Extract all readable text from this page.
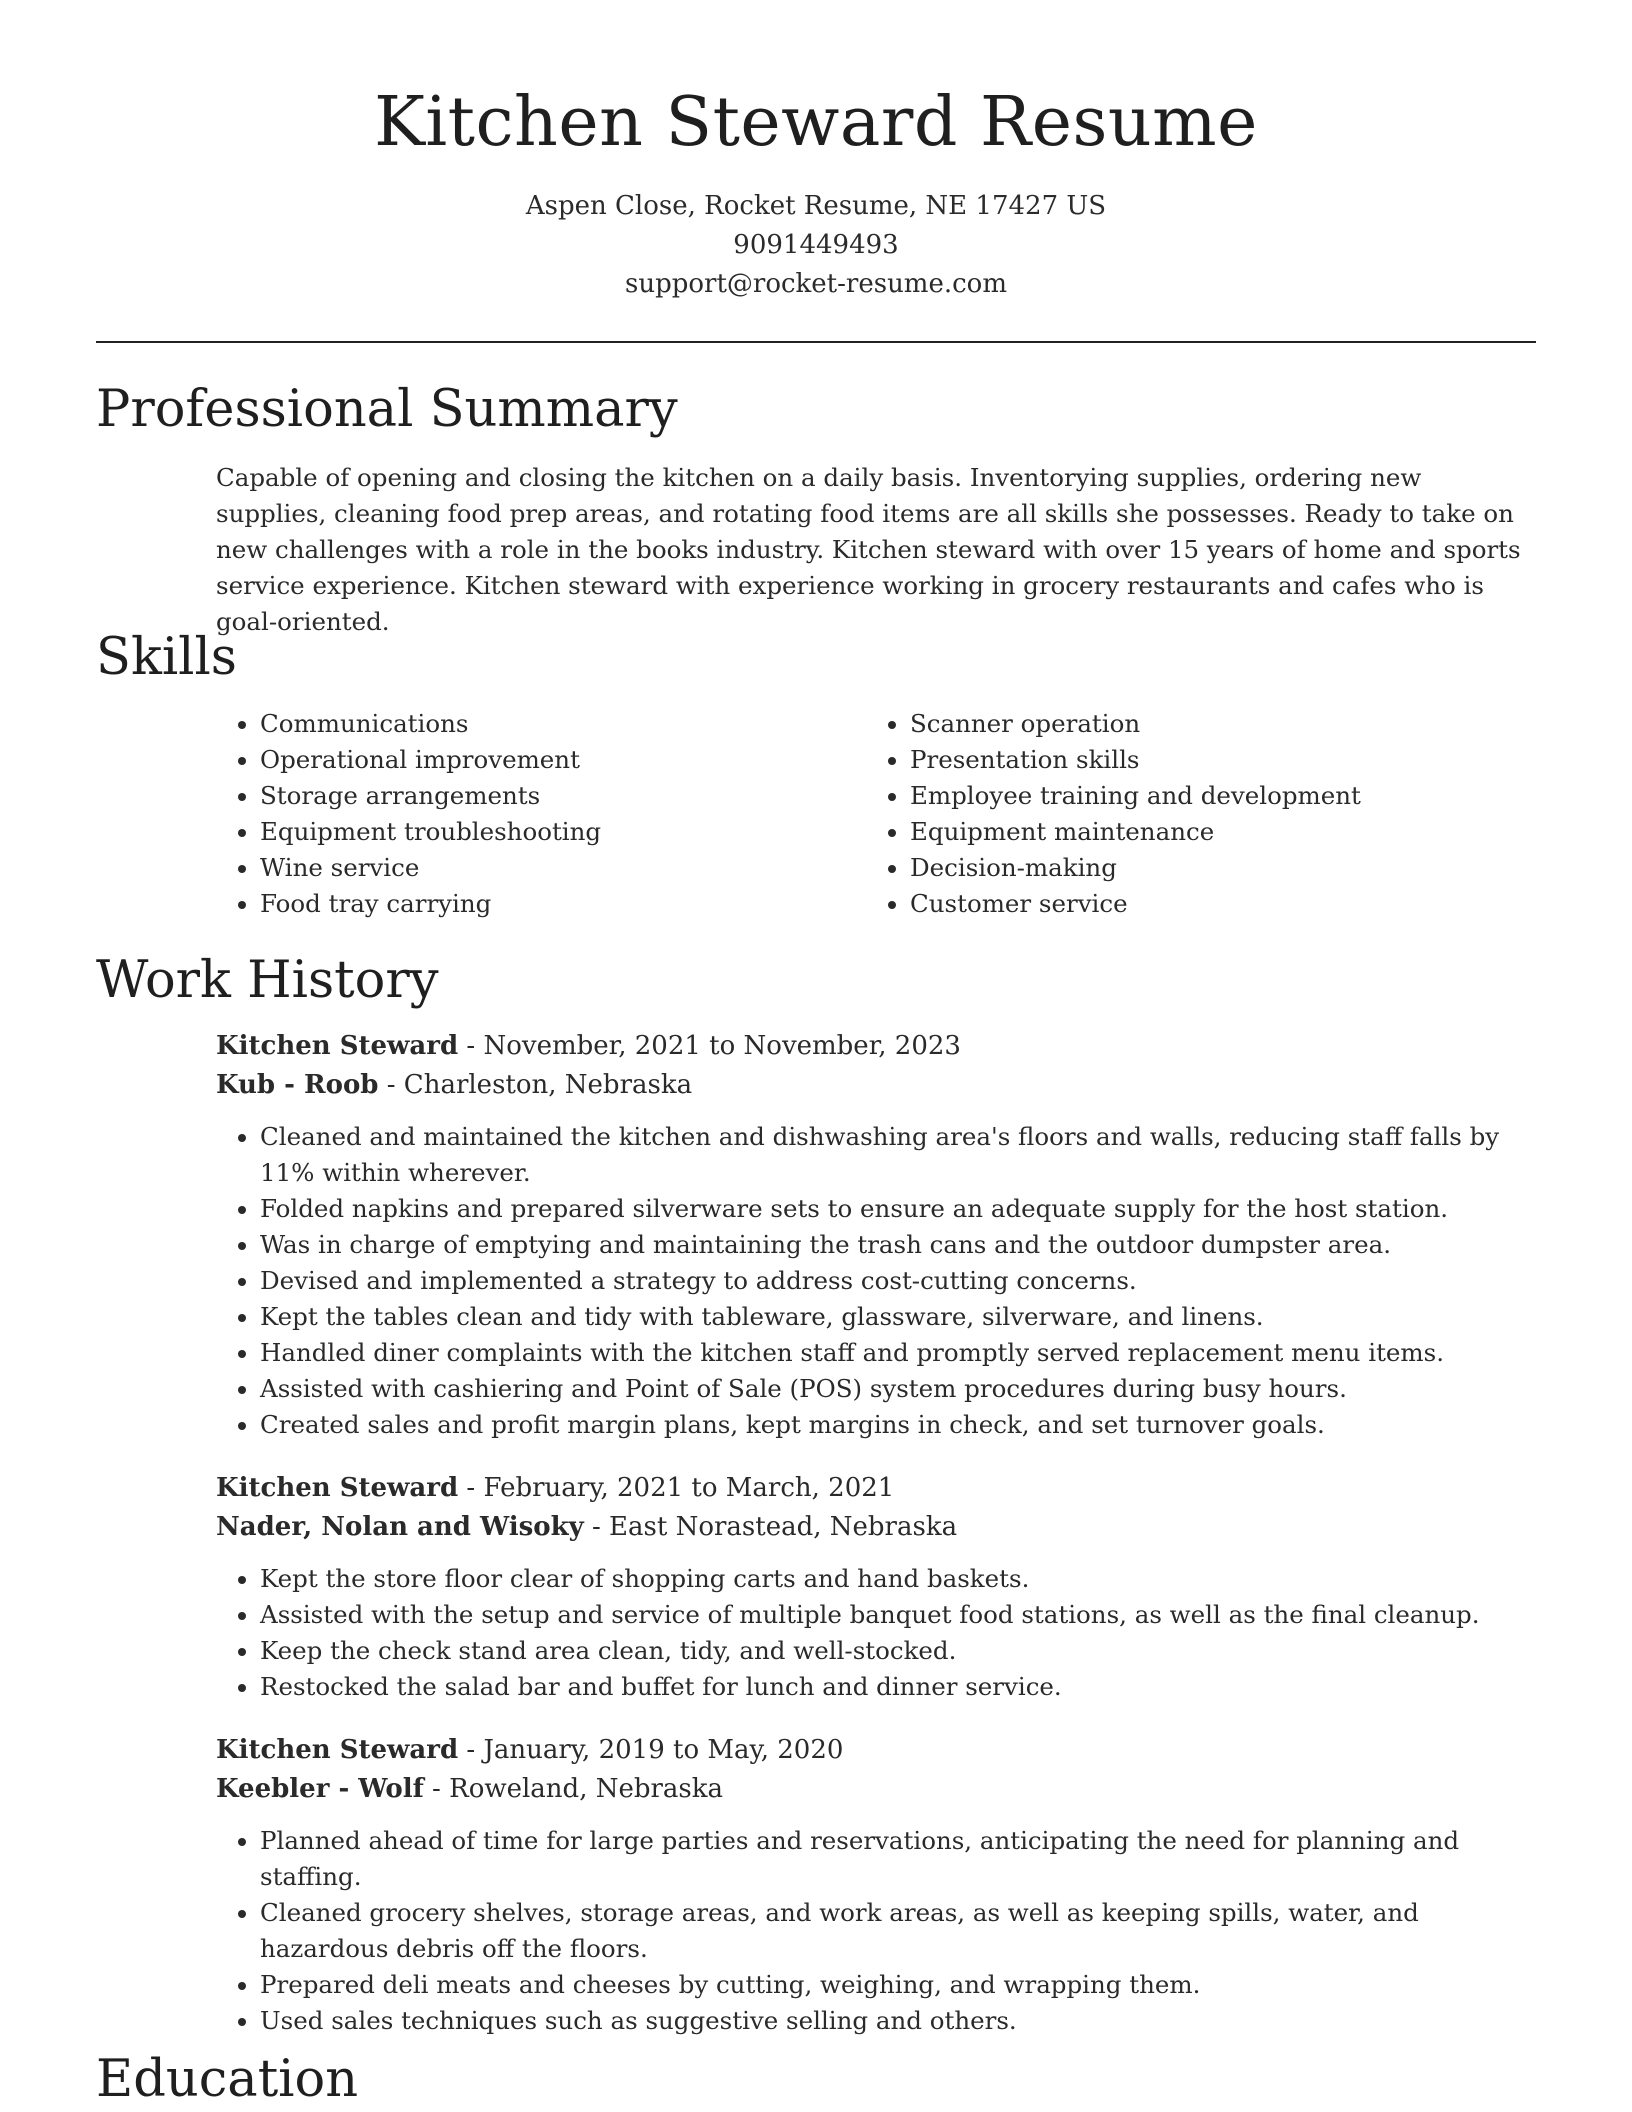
Kitchen Steward Resume
Aspen Close, Rocket Resume, NE 17427 US
9091449493
support@rocket-resume.com
Professional Summary
Capable of opening and closing the kitchen on a daily basis. Inventorying supplies, ordering new supplies, cleaning food prep areas, and rotating food items are all skills she possesses. Ready to take on new challenges with a role in the books industry. Kitchen steward with over 15 years of home and sports service experience. Kitchen steward with experience working in grocery restaurants and cafes who is goal-oriented.
Skills
• Communications
• Operational improvement
• Storage arrangements
• Equipment troubleshooting
• Wine service
• Food tray carrying
• Scanner operation
• Presentation skills
• Employee training and development
• Equipment maintenance
• Decision-making
• Customer service
Work History
Kitchen Steward - November, 2021 to November, 2023
Kub - Roob - Charleston, Nebraska
• Cleaned and maintained the kitchen and dishwashing area's floors and walls, reducing staff falls by 11% within wherever.
• Folded napkins and prepared silverware sets to ensure an adequate supply for the host station.
• Was in charge of emptying and maintaining the trash cans and the outdoor dumpster area.
• Devised and implemented a strategy to address cost-cutting concerns.
• Kept the tables clean and tidy with tableware, glassware, silverware, and linens.
• Handled diner complaints with the kitchen staff and promptly served replacement menu items.
• Assisted with cashiering and Point of Sale (POS) system procedures during busy hours.
• Created sales and profit margin plans, kept margins in check, and set turnover goals.
Kitchen Steward - February, 2021 to March, 2021
Nader, Nolan and Wisoky - East Norastead, Nebraska
• Kept the store floor clear of shopping carts and hand baskets.
• Assisted with the setup and service of multiple banquet food stations, as well as the final cleanup.
• Keep the check stand area clean, tidy, and well-stocked.
• Restocked the salad bar and buffet for lunch and dinner service.
Kitchen Steward - January, 2019 to May, 2020
Keebler - Wolf - Roweland, Nebraska
• Planned ahead of time for large parties and reservations, anticipating the need for planning and staffing.
• Cleaned grocery shelves, storage areas, and work areas, as well as keeping spills, water, and hazardous debris off the floors.
• Prepared deli meats and cheeses by cutting, weighing, and wrapping them.
• Used sales techniques such as suggestive selling and others.
Education
